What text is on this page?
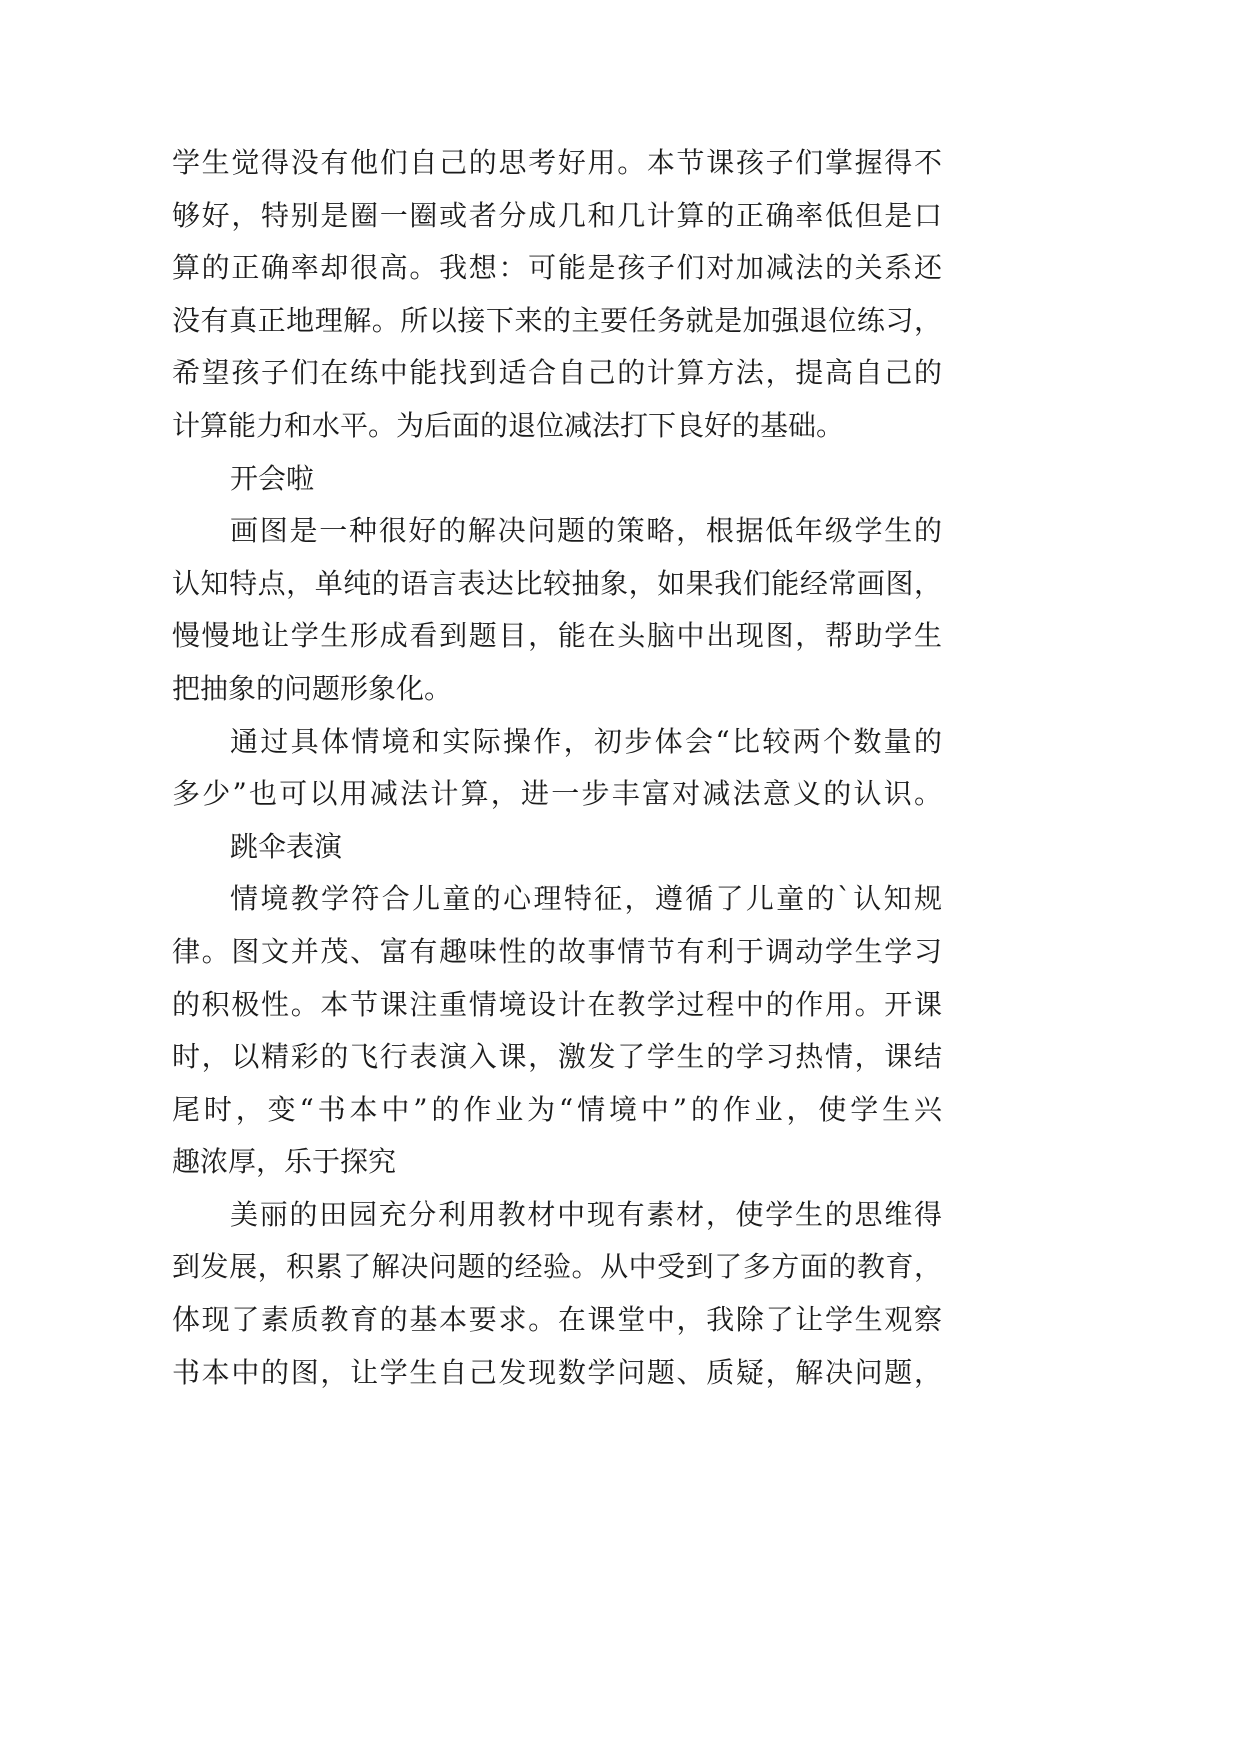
学生觉得没有他们自己的思考好用。本节课孩子们掌握得不
够好，特别是圈一圈或者分成几和几计算的正确率低但是口
算的正确率却很高。我想：可能是孩子们对加减法的关系还
没有真正地理解。所以接下来的主要任务就是加强退位练习，
希望孩子们在练中能找到适合自己的计算方法，提高自己的
计算能力和水平。为后面的退位减法打下良好的基础。
开会啦
画图是一种很好的解决问题的策略，根据低年级学生的
认知特点，单纯的语言表达比较抽象，如果我们能经常画图，
慢慢地让学生形成看到题目，能在头脑中出现图，帮助学生
把抽象的问题形象化。
通过具体情境和实际操作，初步体会“比较两个数量的
多少”也可以用减法计算，进一步丰富对减法意义的认识。
跳伞表演
情境教学符合儿童的心理特征，遵循了儿童的`认知规
律。图文并茂、富有趣味性的故事情节有利于调动学生学习
的积极性。本节课注重情境设计在教学过程中的作用。开课
时，以精彩的飞行表演入课，激发了学生的学习热情，课结
尾时，变“书本中”的作业为“情境中”的作业，使学生兴
趣浓厚，乐于探究
美丽的田园充分利用教材中现有素材，使学生的思维得
到发展，积累了解决问题的经验。从中受到了多方面的教育，
体现了素质教育的基本要求。在课堂中，我除了让学生观察
书本中的图，让学生自己发现数学问题、质疑，解决问题，
